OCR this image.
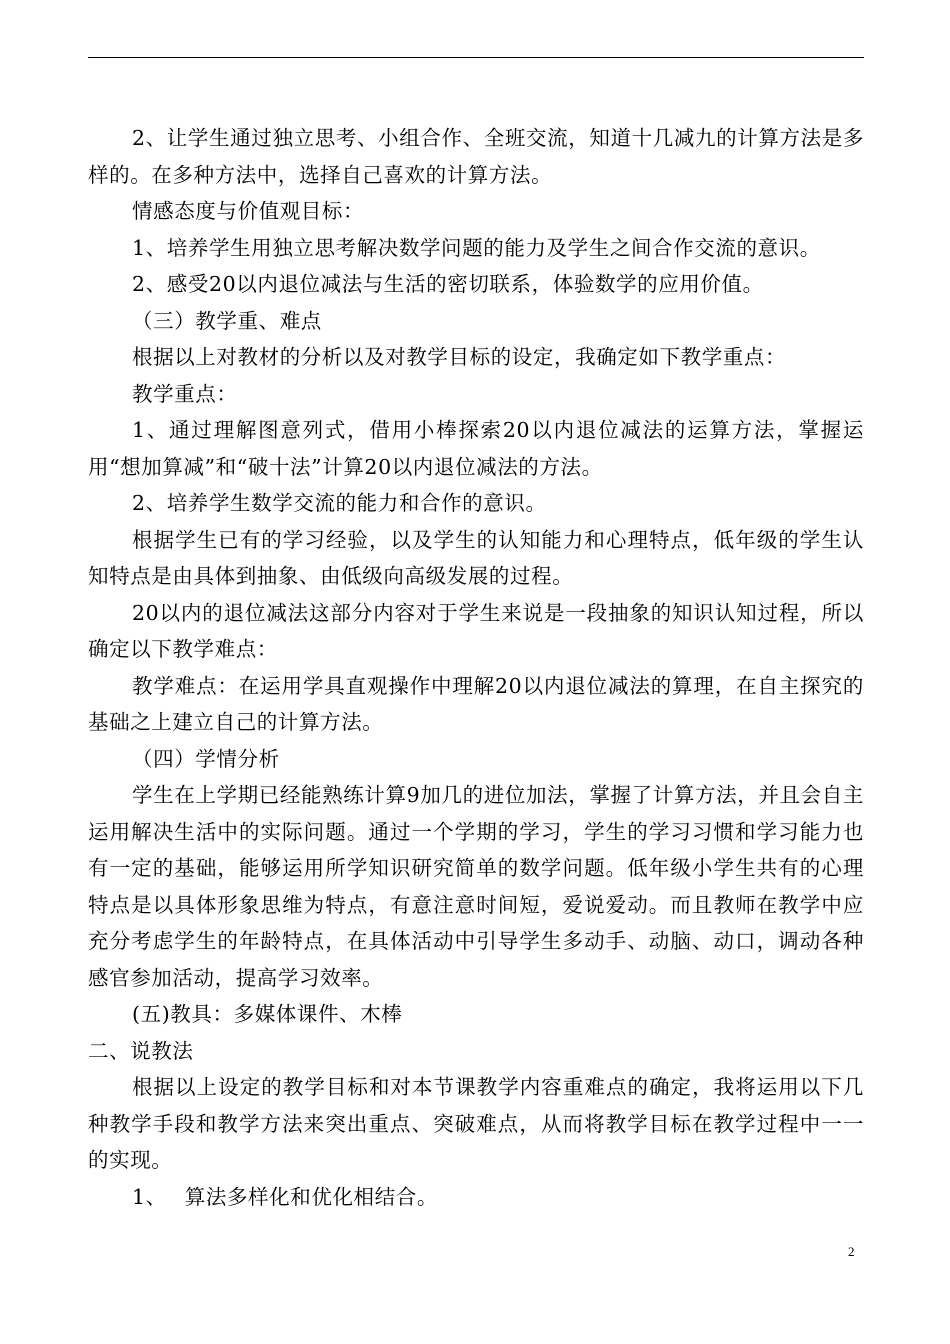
2、让学生通过独立思考、小组合作、全班交流，知道十几减九的计算方法是多样的。在多种方法中，选择自己喜欢的计算方法。

情感态度与价值观目标：

1、培养学生用独立思考解决数学问题的能力及学生之间合作交流的意识。

2、感受20以内退位减法与生活的密切联系，体验数学的应用价值。

（三）教学重、难点

根据以上对教材的分析以及对教学目标的设定，我确定如下教学重点：

教学重点：

1、通过理解图意列式，借用小棒探索20以内退位减法的运算方法，掌握运用“想加算减”和“破十法”计算20以内退位减法的方法。

2、培养学生数学交流的能力和合作的意识。

根据学生已有的学习经验，以及学生的认知能力和心理特点，低年级的学生认知特点是由具体到抽象、由低级向高级发展的过程。

20以内的退位减法这部分内容对于学生来说是一段抽象的知识认知过程，所以确定以下教学难点：

教学难点：在运用学具直观操作中理解20以内退位减法的算理，在自主探究的基础之上建立自己的计算方法。

（四）学情分析

学生在上学期已经能熟练计算9加几的进位加法，掌握了计算方法，并且会自主运用解决生活中的实际问题。通过一个学期的学习，学生的学习习惯和学习能力也有一定的基础，能够运用所学知识研究简单的数学问题。低年级小学生共有的心理特点是以具体形象思维为特点，有意注意时间短，爱说爱动。而且教师在教学中应充分考虑学生的年龄特点，在具体活动中引导学生多动手、动脑、动口，调动各种感官参加活动，提高学习效率。

(五)教具：多媒体课件、木棒

二、说教法

根据以上设定的教学目标和对本节课教学内容重难点的确定，我将运用以下几种教学手段和教学方法来突出重点、突破难点，从而将教学目标在教学过程中一一的实现。

1、 算法多样化和优化相结合。

2
